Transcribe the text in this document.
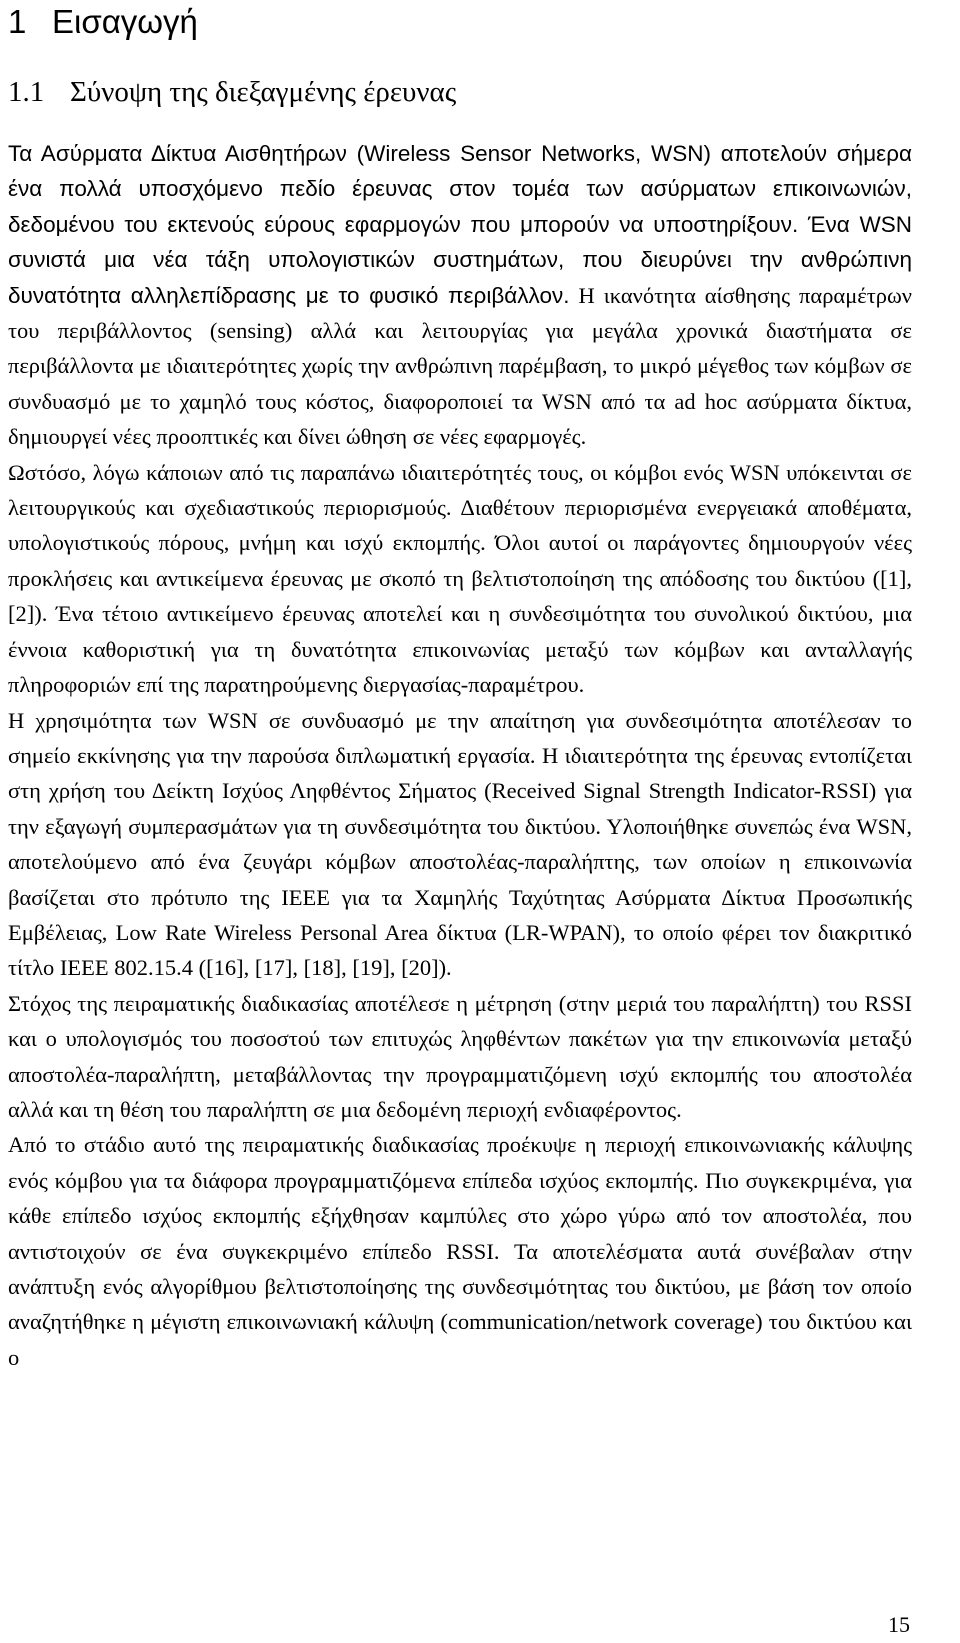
1 Εισαγωγή
1.1 Σύνοψη της διεξαγμένης έρευνας

Τα Ασύρματα Δίκτυα Αισθητήρων (Wireless Sensor Networks, WSN) αποτελούν σήμερα ένα πολλά υποσχόμενο πεδίο έρευνας στον τομέα των ασύρματων επικοινωνιών, δεδομένου του εκτενούς εύρους εφαρμογών που μπορούν να υποστηρίξουν. Ένα WSN συνιστά μια νέα τάξη υπολογιστικών συστημάτων, που διευρύνει την ανθρώπινη δυνατότητα αλληλεπίδρασης με το φυσικό περιβάλλον. Η ικανότητα αίσθησης παραμέτρων του περιβάλλοντος (sensing) αλλά και λειτουργίας για μεγάλα χρονικά διαστήματα σε περιβάλλοντα με ιδιαιτερότητες χωρίς την ανθρώπινη παρέμβαση, το μικρό μέγεθος των κόμβων σε συνδυασμό με το χαμηλό τους κόστος, διαφοροποιεί τα WSN από τα ad hoc ασύρματα δίκτυα, δημιουργεί νέες προοπτικές και δίνει ώθηση σε νέες εφαρμογές.

Ωστόσο, λόγω κάποιων από τις παραπάνω ιδιαιτερότητές τους, οι κόμβοι ενός WSN υπόκεινται σε λειτουργικούς και σχεδιαστικούς περιορισμούς. Διαθέτουν περιορισμένα ενεργειακά αποθέματα, υπολογιστικούς πόρους, μνήμη και ισχύ εκπομπής. Όλοι αυτοί οι παράγοντες δημιουργούν νέες προκλήσεις και αντικείμενα έρευνας με σκοπό τη βελτιστοποίηση της απόδοσης του δικτύου ([1], [2]). Ένα τέτοιο αντικείμενο έρευνας αποτελεί και η συνδεσιμότητα του συνολικού δικτύου, μια έννοια καθοριστική για τη δυνατότητα επικοινωνίας μεταξύ των κόμβων και ανταλλαγής πληροφοριών επί της παρατηρούμενης διεργασίας-παραμέτρου.

Η χρησιμότητα των WSN σε συνδυασμό με την απαίτηση για συνδεσιμότητα αποτέλεσαν το σημείο εκκίνησης για την παρούσα διπλωματική εργασία. Η ιδιαιτερότητα της έρευνας εντοπίζεται στη χρήση του Δείκτη Ισχύος Ληφθέντος Σήματος (Received Signal Strength Indicator-RSSI) για την εξαγωγή συμπερασμάτων για τη συνδεσιμότητα του δικτύου. Υλοποιήθηκε συνεπώς ένα WSN, αποτελούμενο από ένα ζευγάρι κόμβων αποστολέας-παραλήπτης, των οποίων η επικοινωνία βασίζεται στο πρότυπο της IEEE για τα Χαμηλής Ταχύτητας Ασύρματα Δίκτυα Προσωπικής Εμβέλειας, Low Rate Wireless Personal Area δίκτυα (LR-WPAN), το οποίο φέρει τον διακριτικό τίτλο IEEE 802.15.4 ([16], [17], [18], [19], [20]).

Στόχος της πειραματικής διαδικασίας αποτέλεσε η μέτρηση (στην μεριά του παραλήπτη) του RSSI και ο υπολογισμός του ποσοστού των επιτυχώς ληφθέντων πακέτων για την επικοινωνία μεταξύ αποστολέα-παραλήπτη, μεταβάλλοντας την προγραμματιζόμενη ισχύ εκπομπής του αποστολέα αλλά και τη θέση του παραλήπτη σε μια δεδομένη περιοχή ενδιαφέροντος.

Από το στάδιο αυτό της πειραματικής διαδικασίας προέκυψε η περιοχή επικοινωνιακής κάλυψης ενός κόμβου για τα διάφορα προγραμματιζόμενα επίπεδα ισχύος εκπομπής. Πιο συγκεκριμένα, για κάθε επίπεδο ισχύος εκπομπής εξήχθησαν καμπύλες στο χώρο γύρω από τον αποστολέα, που αντιστοιχούν σε ένα συγκεκριμένο επίπεδο RSSI. Τα αποτελέσματα αυτά συνέβαλαν στην ανάπτυξη ενός αλγορίθμου βελτιστοποίησης της συνδεσιμότητας του δικτύου, με βάση τον οποίο αναζητήθηκε η μέγιστη επικοινωνιακή κάλυψη (communication/network coverage) του δικτύου και ο

15
